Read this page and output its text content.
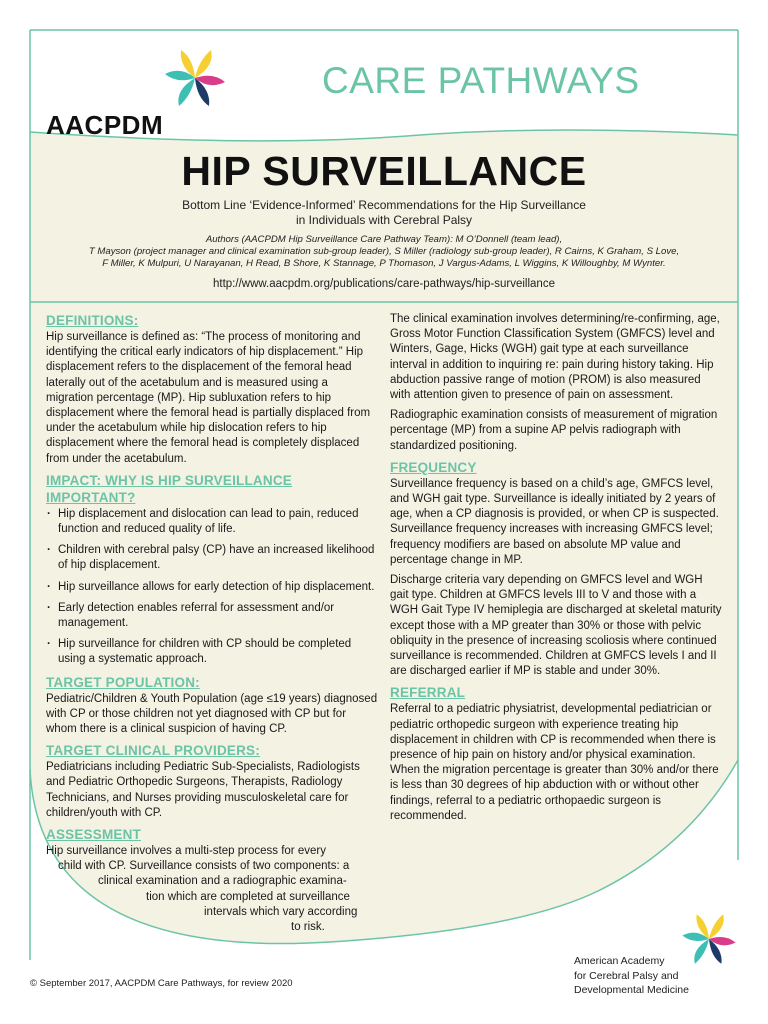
AACPDM
CARE PATHWAYS
HIP SURVEILLANCE
Bottom Line ‘Evidence-Informed’ Recommendations for the Hip Surveillance
in Individuals with Cerebral Palsy
Authors (AACPDM Hip Surveillance Care Pathway Team): M O’Donnell (team lead),
T Mayson (project manager and clinical examination sub-group leader), S Miller (radiology sub-group leader), R Cairns, K Graham, S Love,
F Miller, K Mulpuri, U Narayanan, H Read, B Shore, K Stannage, P Thomason, J Vargus-Adams, L Wiggins, K Willoughby, M Wynter.
http://www.aacpdm.org/publications/care-pathways/hip-surveillance
DEFINITIONS:
Hip surveillance is defined as: “The process of monitoring and identifying the critical early indicators of hip displacement.” Hip displacement refers to the displacement of the femoral head laterally out of the acetabulum and is measured using a migration percentage (MP). Hip subluxation refers to hip displacement where the femoral head is partially displaced from under the acetabulum while hip dislocation refers to hip displacement where the femoral head is completely displaced from under the acetabulum.
IMPACT: WHY IS HIP SURVEILLANCE IMPORTANT?
· Hip displacement and dislocation can lead to pain, reduced function and reduced quality of life.
· Children with cerebral palsy (CP) have an increased likelihood of hip displacement.
· Hip surveillance allows for early detection of hip displacement.
· Early detection enables referral for assessment and/or management.
· Hip surveillance for children with CP should be completed using a systematic approach.
TARGET POPULATION:
Pediatric/Children & Youth Population (age ≤19 years) diagnosed with CP or those children not yet diagnosed with CP but for whom there is a clinical suspicion of having CP.
TARGET CLINICAL PROVIDERS:
Pediatricians including Pediatric Sub-Specialists, Radiologists and Pediatric Orthopedic Surgeons, Therapists, Radiology Technicians, and Nurses providing musculoskeletal care for children/youth with CP.
ASSESSMENT
Hip surveillance involves a multi-step process for every
child with CP. Surveillance consists of two components: a
clinical examination and a radiographic examina-
tion which are completed at surveillance
intervals which vary according
to risk.
The clinical examination involves determining/re-confirming, age, Gross Motor Function Classification System (GMFCS) level and Winters, Gage, Hicks (WGH) gait type at each surveillance interval in addition to inquiring re: pain during history taking. Hip abduction passive range of motion (PROM) is also measured with attention given to presence of pain on assessment.
Radiographic examination consists of measurement of migration percentage (MP) from a supine AP pelvis radiograph with standardized positioning.
FREQUENCY
Surveillance frequency is based on a child’s age, GMFCS level, and WGH gait type. Surveillance is ideally initiated by 2 years of age, when a CP diagnosis is provided, or when CP is suspected. Surveillance frequency increases with increasing GMFCS level; frequency modifiers are based on absolute MP value and percentage change in MP.
Discharge criteria vary depending on GMFCS level and WGH gait type. Children at GMFCS levels III to V and those with a WGH Gait Type IV hemiplegia are discharged at skeletal maturity except those with a MP greater than 30% or those with pelvic obliquity in the presence of increasing scoliosis where continued surveillance is recommended. Children at GMFCS levels I and II are discharged earlier if MP is stable and under 30%.
REFERRAL
Referral to a pediatric physiatrist, developmental pediatrician or pediatric orthopedic surgeon with experience treating hip displacement in children with CP is recommended when there is presence of hip pain on history and/or physical examination. When the migration percentage is greater than 30% and/or there is less than 30 degrees of hip abduction with or without other findings, referral to a pediatric orthopaedic surgeon is recommended.
© September 2017, AACPDM Care Pathways, for review 2020
American Academy
for Cerebral Palsy and
Developmental Medicine
